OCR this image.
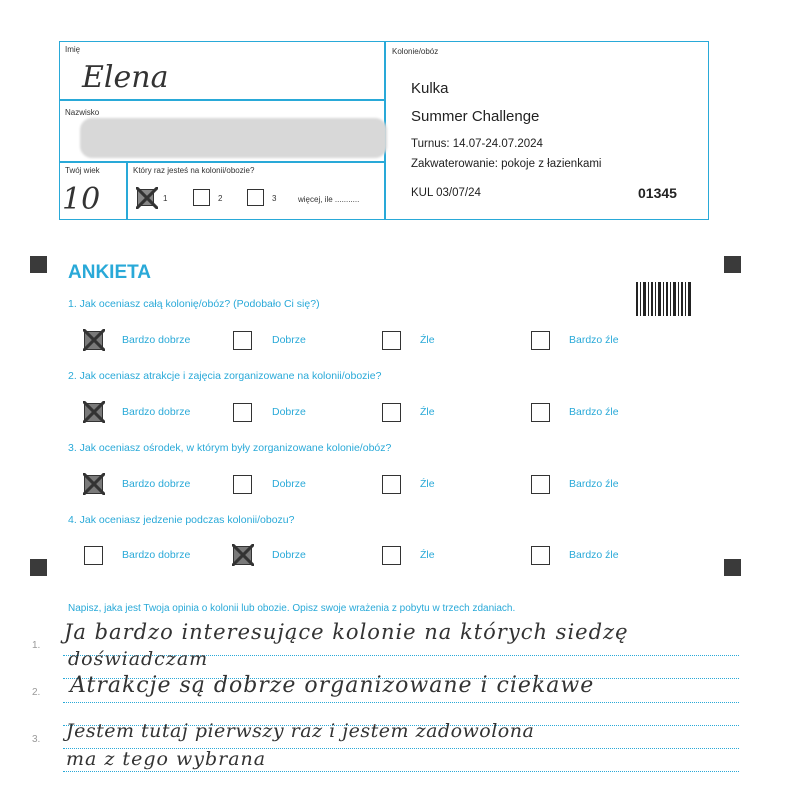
Imię
Elena
Nazwisko
Twój wiek
10
Który raz jesteś na kolonii/obozie?
1	2	3	więcej, ile ...........
Kolonie/obóz
Kulka
Summer Challenge
Turnus: 14.07-24.07.2024
Zakwaterowanie: pokoje z łazienkami
KUL 03/07/24	01345
ANKIETA
1. Jak oceniasz całą kolonię/obóz? (Podobało Ci się?)
Bardzo dobrze	Dobrze	Źle	Bardzo źle
2. Jak oceniasz atrakcje i zajęcia zorganizowane na kolonii/obozie?
Bardzo dobrze	Dobrze	Źle	Bardzo źle
3. Jak oceniasz ośrodek, w którym były zorganizowane kolonie/obóz?
Bardzo dobrze	Dobrze	Źle	Bardzo źle
4. Jak oceniasz jedzenie podczas kolonii/obozu?
Bardzo dobrze	Dobrze	Źle	Bardzo źle
Napisz, jaka jest Twoja opinia o kolonii lub obozie. Opisz swoje wrażenia z pobytu w trzech zdaniach.
1.
2.
3.
Ja bardzo interesujące kolonie na których siedzę
doświadczam
Atrakcje są dobrze organizowane i ciekawe
Jestem tutaj pierwszy raz i jestem zadowolona
ma z tego wybrana
